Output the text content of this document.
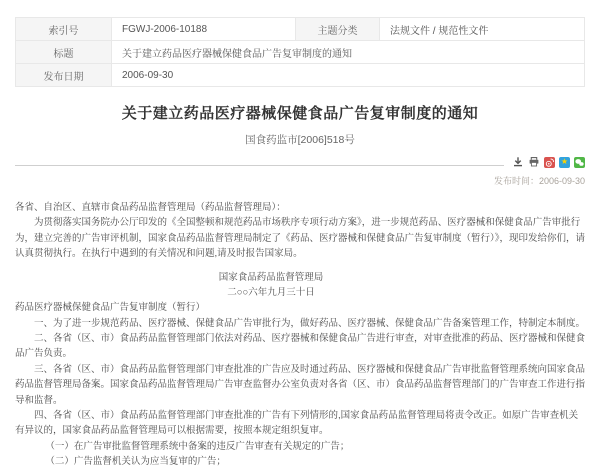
索引号	FGWJ-2006-10188	主题分类	法规文件 / 规范性文件
标题	关于建立药品医疗器械保健食品广告复审制度的通知		
发布日期	2006-09-30		
关于建立药品医疗器械保健食品广告复审制度的通知
国食药监市[2006]518号
★
发布时间：2006-09-30

各省、自治区、直辖市食品药品监督管理局（药品监督管理局）：

为贯彻落实国务院办公厅印发的《全国整顿和规范药品市场秩序专项行动方案》，进一步规范药品、医疗器械和保健食品广告审批行为，建立完善的广告审评机制，国家食品药品监督管理局制定了《药品、医疗器械和保健食品广告复审制度（暂行）》，现印发给你们，请认真贯彻执行。在执行中遇到的有关情况和问题,请及时报告国家局。

国家食品药品监督管理局

二○○六年九月三十日

药品医疗器械保健食品广告复审制度（暂行）

一、为了进一步规范药品、医疗器械、保健食品广告审批行为，做好药品、医疗器械、保健食品广告备案管理工作，特制定本制度。

二、各省（区、市）食品药品监督管理部门依法对药品、医疗器械和保健食品广告进行审查，对审查批准的药品、医疗器械和保健食品广告负责。

三、各省（区、市）食品药品监督管理部门审查批准的广告应及时通过药品、医疗器械和保健食品广告审批监督管理系统向国家食品药品监督管理局备案。国家食品药品监督管理局广告审查监督办公室负责对各省（区、市）食品药品监督管理部门的广告审查工作进行指导和监督。

四、各省（区、市）食品药品监督管理部门审查批准的广告有下列情形的,国家食品药品监督管理局将责令改正。如原广告审查机关有异议的，国家食品药品监督管理局可以根据需要，按照本规定组织复审。

（一）在广告审批监督管理系统中备案的违反广告审查有关规定的广告；

（二）广告监督机关认为应当复审的广告；
